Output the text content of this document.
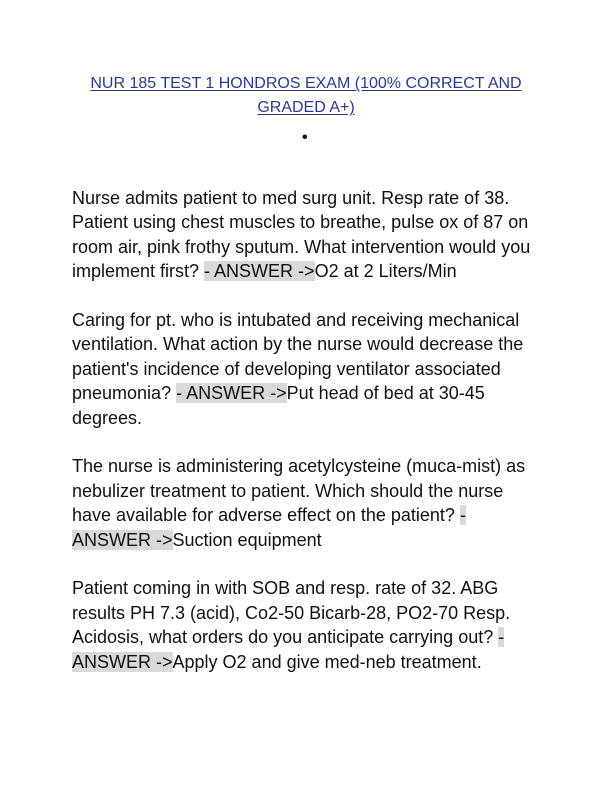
NUR 185 TEST 1 HONDROS EXAM (100% CORRECT AND
GRADED A+)
•

Nurse admits patient to med surg unit. Resp rate of 38. Patient using chest muscles to breathe, pulse ox of 87 on room air, pink frothy sputum. What intervention would you implement first? - ANSWER ->O2 at 2 Liters/Min

Caring for pt. who is intubated and receiving mechanical ventilation. What action by the nurse would decrease the patient's incidence of developing ventilator associated pneumonia? - ANSWER ->Put head of bed at 30-45 degrees.

The nurse is administering acetylcysteine (muca-mist) as nebulizer treatment to patient. Which should the nurse have available for adverse effect on the patient? - ANSWER ->Suction equipment

Patient coming in with SOB and resp. rate of 32. ABG results PH 7.3 (acid), Co2-50 Bicarb-28, PO2-70 Resp. Acidosis, what orders do you anticipate carrying out? - ANSWER ->Apply O2 and give med-neb treatment.
